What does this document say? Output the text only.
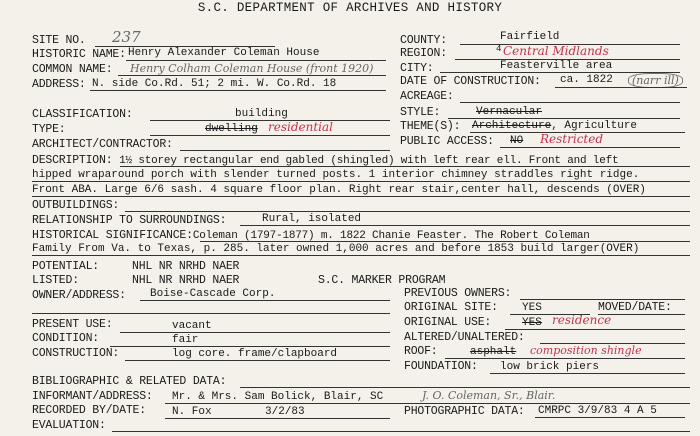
S.C. DEPARTMENT OF ARCHIVES AND HISTORY
SITE NO. 237	COUNTY:	Fairfield
HISTORIC NAME: Henry Alexander Coleman House	REGION:	4 Central Midlands
COMMON NAME: Henry Colham Coleman House (front 1920) CITY:	Feasterville area
ADDRESS: N. side Co.Rd. 51; 2 mi. W. Co.Rd. 18	DATE OF CONSTRUCTION: ca. 1822	(narr ill)
ACREAGE:
CLASSIFICATION:	building	STYLE:	Vernacular
TYPE:	dwelling residential	THEME(S): Architecture, Agriculture
ARCHITECT/CONTRACTOR:	PUBLIC ACCESS: NO Restricted
DESCRIPTION: 1½ storey rectangular end gabled (shingled) with left rear ell. Front and left
hipped wraparound porch with slender turned posts. 1 interior chimney straddles right ridge.
Front ABA. Large 6/6 sash. 4 square floor plan. Right rear stair,center hall, descends (OVER)
OUTBUILDINGS:
RELATIONSHIP TO SURROUNDINGS:	Rural, isolated
HISTORICAL SIGNIFICANCE:Coleman (1797-1877) m. 1822 Chanie Feaster. The Robert Coleman
Family From Va. to Texas, p. 285. later owned 1,000 acres and before 1853 build larger(OVER)
POTENTIAL:	NHL NR NRHD NAER
LISTED:	NHL NR NRHD NAER	S.C. MARKER PROGRAM
OWNER/ADDRESS: Boise-Cascade Corp.	PREVIOUS OWNERS:
ORIGINAL SITE: YES	MOVED/DATE:
ORIGINAL USE:	YES residence
PRESENT USE:	vacant
CONDITION:	fair	ALTERED/UNALTERED:
CONSTRUCTION:	log core. frame/clapboard	ROOF:	asphalt composition shingle
FOUNDATION: low brick piers
BIBLIOGRAPHIC & RELATED DATA:
INFORMANT/ADDRESS: Mr. & Mrs. Sam Bolick, Blair, SC	J. O. Coleman, Sr., Blair.
RECORDED BY/DATE: N. Fox	3/2/83	PHOTOGRAPHIC DATA: CMRPC 3/9/83 4 A 5
EVALUATION:
